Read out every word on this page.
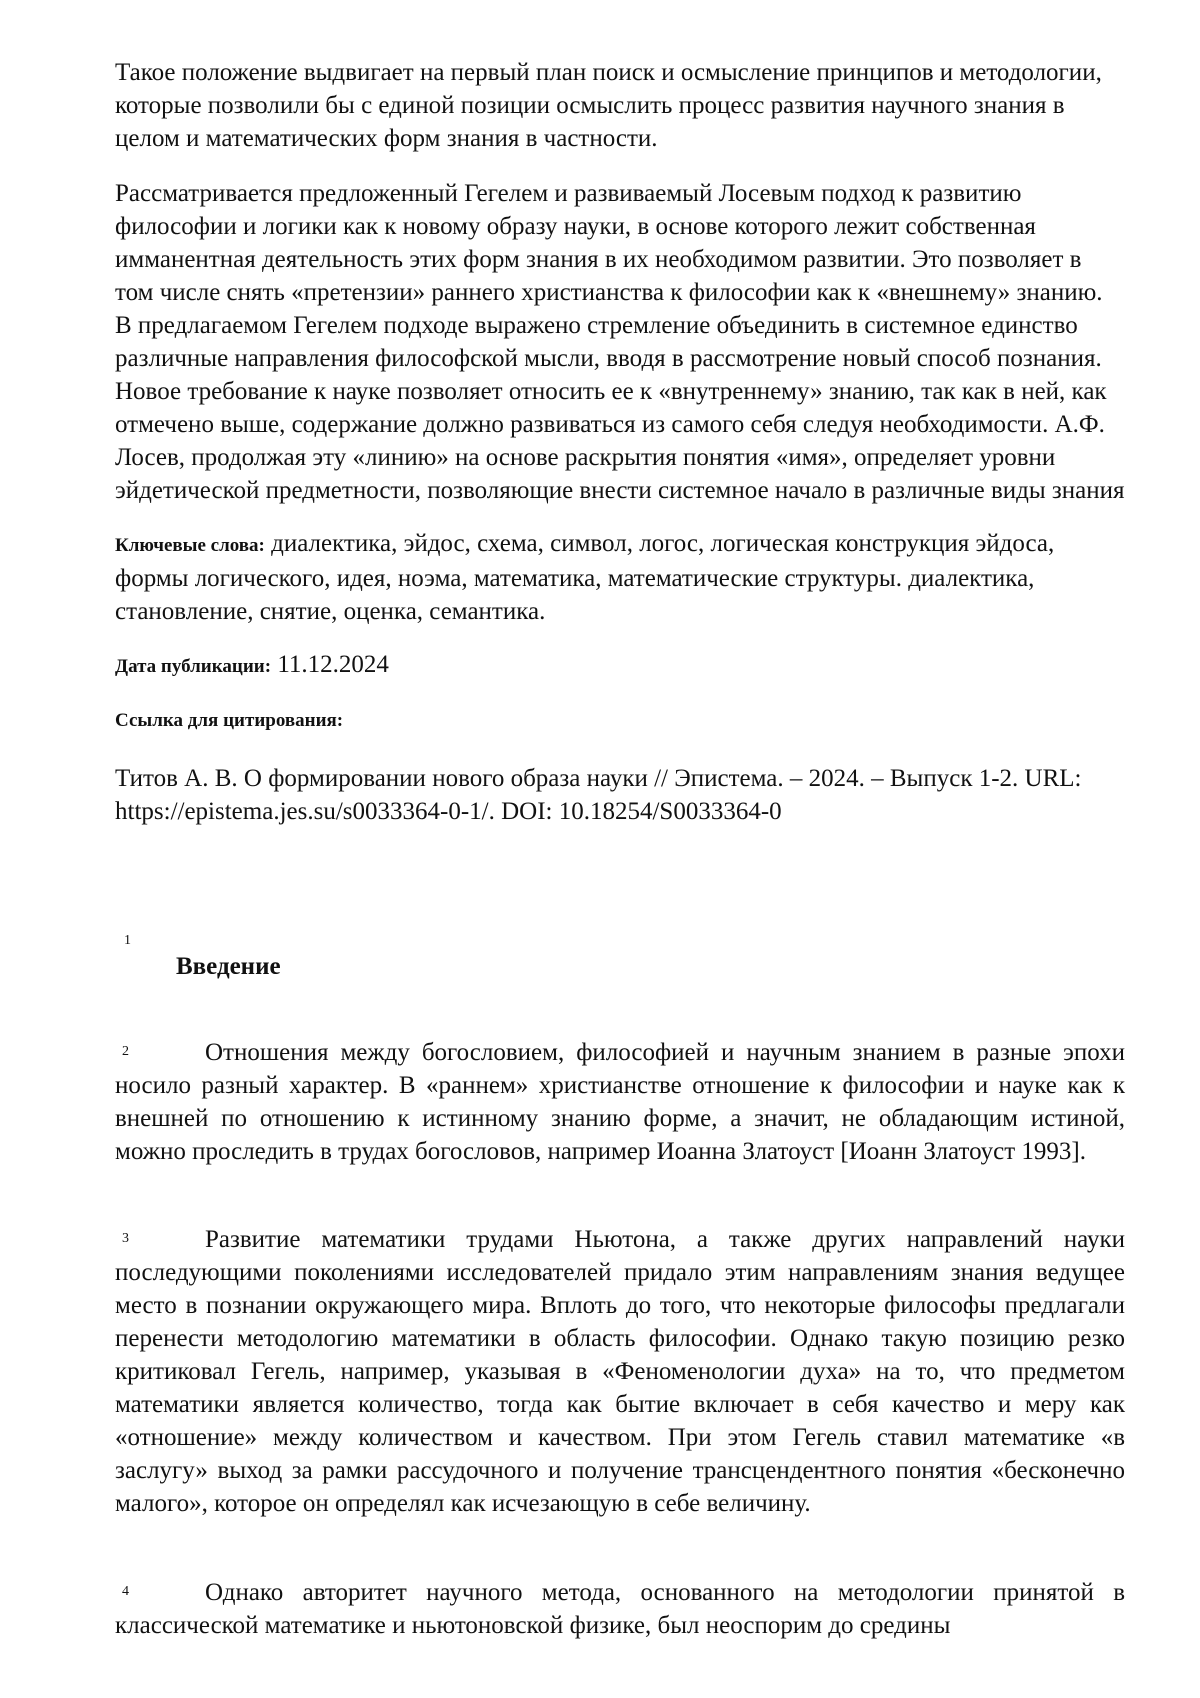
Такое положение выдвигает на первый план поиск и осмысление принципов и методологии, которые позволили бы с единой позиции осмыслить процесс развития научного знания в целом и математических форм знания в частности.

Рассматривается предложенный Гегелем и развиваемый Лосевым подход к развитию философии и логики как к новому образу науки, в основе которого лежит собственная имманентная деятельность этих форм знания в их необходимом развитии. Это позволяет в том числе снять «претензии» раннего христианства к философии как к «внешнему» знанию. В предлагаемом Гегелем подходе выражено стремление объединить в системное единство различные направления философской мысли, вводя в рассмотрение новый способ познания. Новое требование к науке позволяет относить ее к «внутреннему» знанию, так как в ней, как отмечено выше, содержание должно развиваться из самого себя следуя необходимости. А.Ф. Лосев, продолжая эту «линию» на основе раскрытия понятия «имя», определяет уровни эйдетической предметности, позволяющие внести системное начало в различные виды знания

Ключевые слова: диалектика, эйдос, схема, символ, логос, логическая конструкция эйдоса, формы логического, идея, ноэма, математика, математические структуры. диалектика, становление, снятие, оценка, семантика.

Дата публикации: 11.12.2024

Ссылка для цитирования:

Титов А. В. О формировании нового образа науки // Эпистема. – 2024. – Выпуск 1-2. URL: https://epistema.jes.su/s0033364-0-1/. DOI: 10.18254/S0033364-0

1
Введение
2	Отношения между богословием, философией и научным знанием в разные эпохи носило разный характер. В «раннем» христианстве отношение к философии и науке как к внешней по отношению к истинному знанию форме, а значит, не обладающим истиной, можно проследить в трудах богословов, например Иоанна Златоуст [Иоанн Златоуст 1993].

3	Развитие математики трудами Ньютона, а также других направлений науки последующими поколениями исследователей придало этим направлениям знания ведущее место в познании окружающего мира. Вплоть до того, что некоторые философы предлагали перенести методологию математики в область философии. Однако такую позицию резко критиковал Гегель, например, указывая в «Феноменологии духа» на то, что предметом математики является количество, тогда как бытие включает в себя качество и меру как «отношение» между количеством и качеством. При этом Гегель ставил математике «в заслугу» выход за рамки рассудочного и получение трансцендентного понятия «бесконечно малого», которое он определял как исчезающую в себе величину.

4	Однако авторитет научного метода, основанного на методологии принятой в классической математике и ньютоновской физике, был неоспорим до средины
